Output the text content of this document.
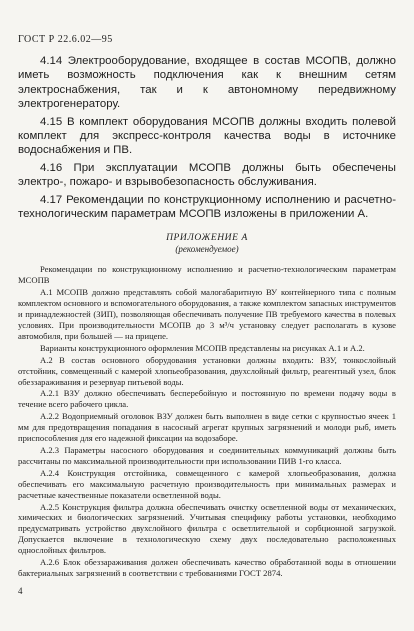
ГОСТ Р 22.6.02—95

4.14 Электрооборудование, входящее в состав МСОПВ, должно иметь возможность подключения как к внешним сетям электроснабжения, так и к автономному передвижному электрогенератору.

4.15 В комплект оборудования МСОПВ должны входить полевой комплект для экспресс-контроля качества воды в источнике водоснабжения и ПВ.

4.16 При эксплуатации МСОПВ должны быть обеспечены электро-, пожаро- и взрывобезопасность обслуживания.

4.17 Рекомендации по конструкционному исполнению и расчетно-технологическим параметрам МСОПВ изложены в приложении А.

ПРИЛОЖЕНИЕ А
(рекомендуемое)

Рекомендации по конструкционному исполнению и расчетно-технологическим параметрам МСОПВ

А.1 МСОПВ должно представлять собой малогабаритную ВУ контейнерного типа с полным комплектом основного и вспомогательного оборудования, а также комплектом запасных инструментов и принадлежностей (ЗИП), позволяющая обеспечивать получение ПВ требуемого качества в полевых условиях. При производительности МСОПВ до 3 м³/ч установку следует располагать в кузове автомобиля, при большей — на прицепе.

Варианты конструкционного оформления МСОПВ представлены на рисунках А.1 и А.2.

А.2 В состав основного оборудования установки должны входить: ВЗУ, тонкослойный отстойник, совмещенный с камерой хлопьеобразования, двухслойный фильтр, реагентный узел, блок обеззараживания и резервуар питьевой воды.

А.2.1 ВЗУ должно обеспечивать бесперебойную и постоянную по времени подачу воды в течение всего рабочего цикла.

А.2.2 Водоприемный оголовок ВЗУ должен быть выполнен в виде сетки с крупностью ячеек 1 мм для предотвращения попадания в насосный агрегат крупных загрязнений и молоди рыб, иметь приспособления для его надежной фиксации на водозаборе.

А.2.3 Параметры насосного оборудования и соединительных коммуникаций должны быть рассчитаны по максимальной производительности при использовании ПИВ 1-го класса.

А.2.4 Конструкция отстойника, совмещенного с камерой хлопьеобразования, должна обеспечивать его максимальную расчетную производительность при минимальных размерах и расчетные качественные показатели осветленной воды.

А.2.5 Конструкция фильтра должна обеспечивать очистку осветленной воды от механических, химических и биологических загрязнений. Учитывая специфику работы установки, необходимо предусматривать устройство двухслойного фильтра с осветлительной и сорбционной загрузкой. Допускается включение в технологическую схему двух последовательно расположенных однослойных фильтров.

А.2.6 Блок обеззараживания должен обеспечивать качество обработанной воды в отношении бактериальных загрязнений в соответствии с требованиями ГОСТ 2874.

4
